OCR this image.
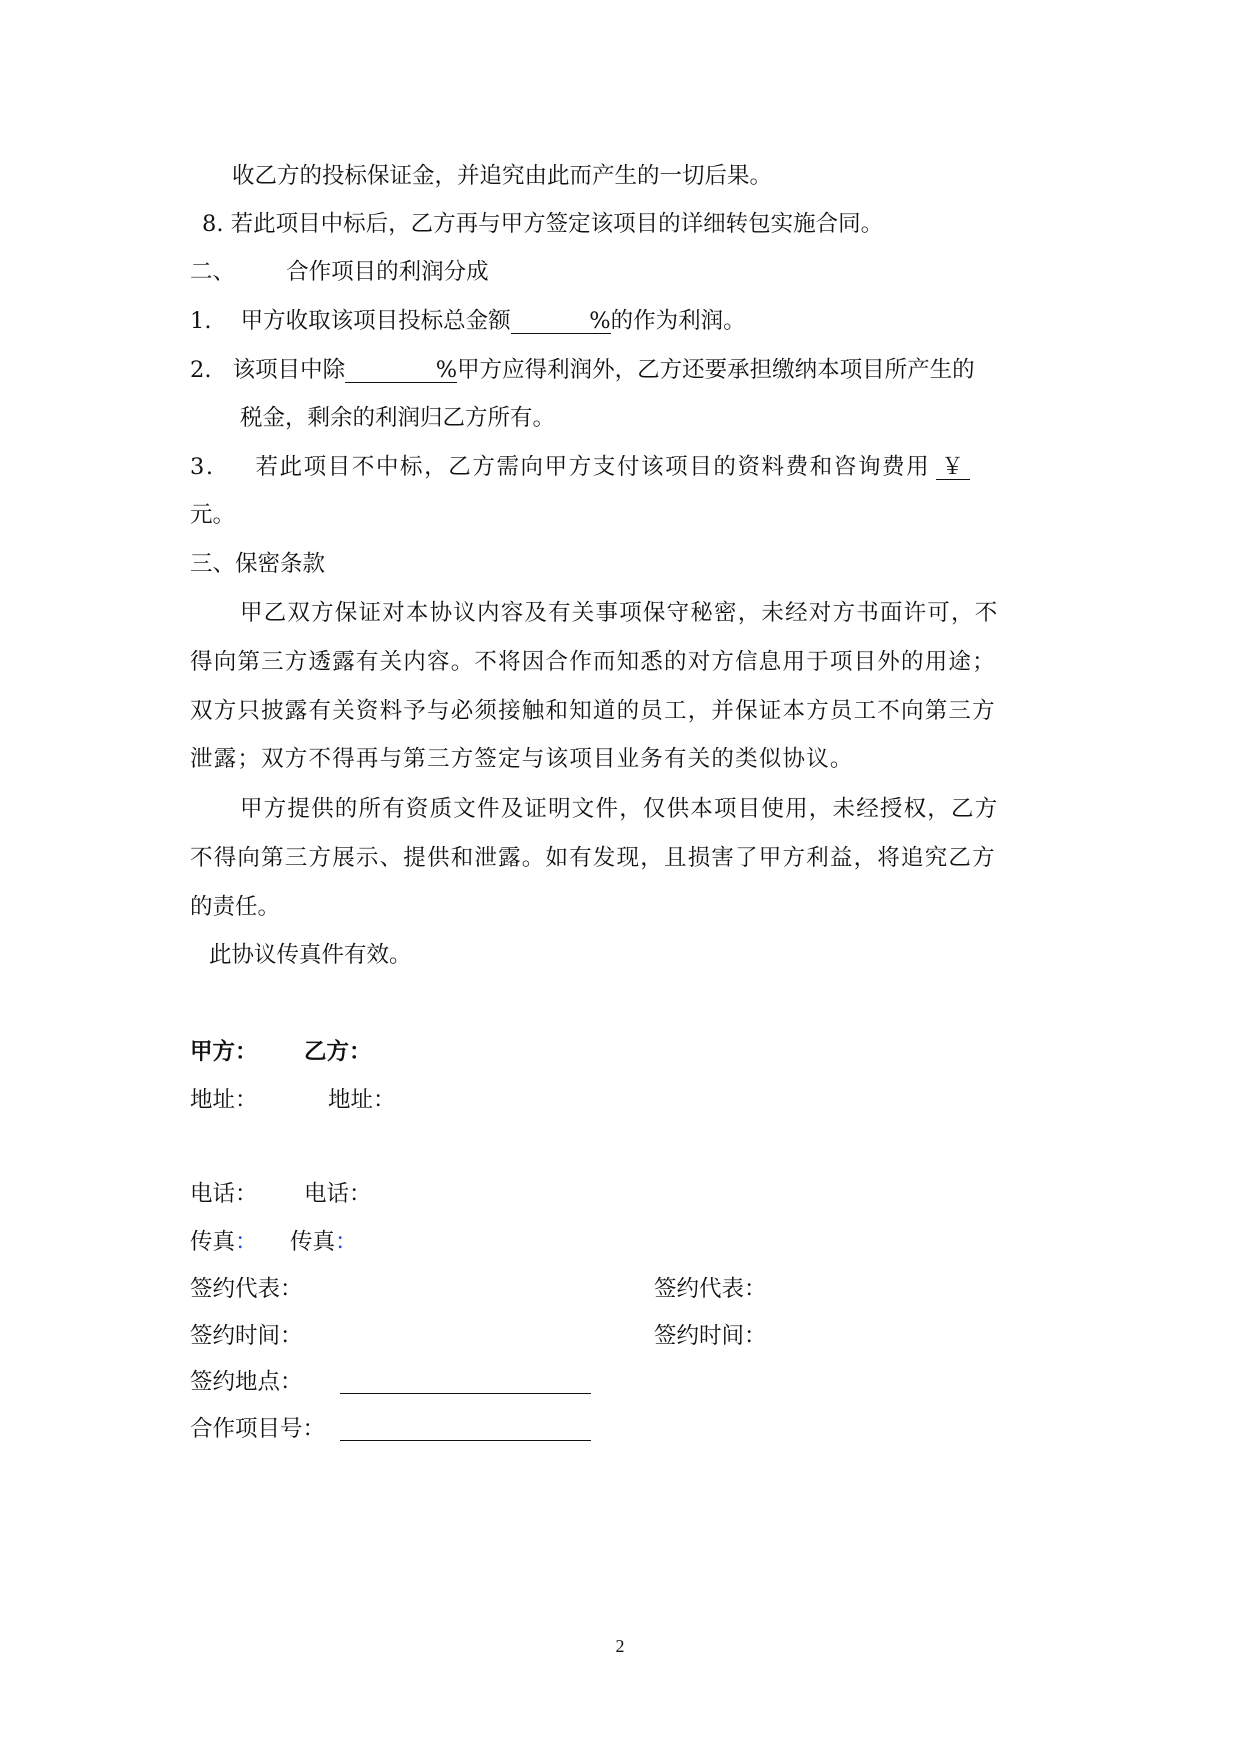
收乙方的投标保证金，并追究由此而产生的一切后果。
8. 若此项目中标后，乙方再与甲方签定该项目的详细转包实施合同。
二、 合作项目的利润分成
1. 甲方收取该项目投标总金额	%的作为利润。
2. 该项目中除	%甲方应得利润外，乙方还要承担缴纳本项目所产生的
税金，剩余的利润归乙方所有。
3. 若此项目不中标，乙方需向甲方支付该项目的资料费和咨询费用 ￥
元。
三、保密条款
甲乙双方保证对本协议内容及有关事项保守秘密，未经对方书面许可，不
得向第三方透露有关内容。不将因合作而知悉的对方信息用于项目外的用途；
双方只披露有关资料予与必须接触和知道的员工，并保证本方员工不向第三方
泄露；双方不得再与第三方签定与该项目业务有关的类似协议。
甲方提供的所有资质文件及证明文件，仅供本项目使用，未经授权，乙方
不得向第三方展示、提供和泄露。如有发现，且损害了甲方利益，将追究乙方
的责任。
此协议传真件有效。
甲方： 乙方：
地址：	地址：
电话： 电话：
传真： 传真：
签约代表：	签约代表：
签约时间：	签约时间：
签约地点：
合作项目号：
2
